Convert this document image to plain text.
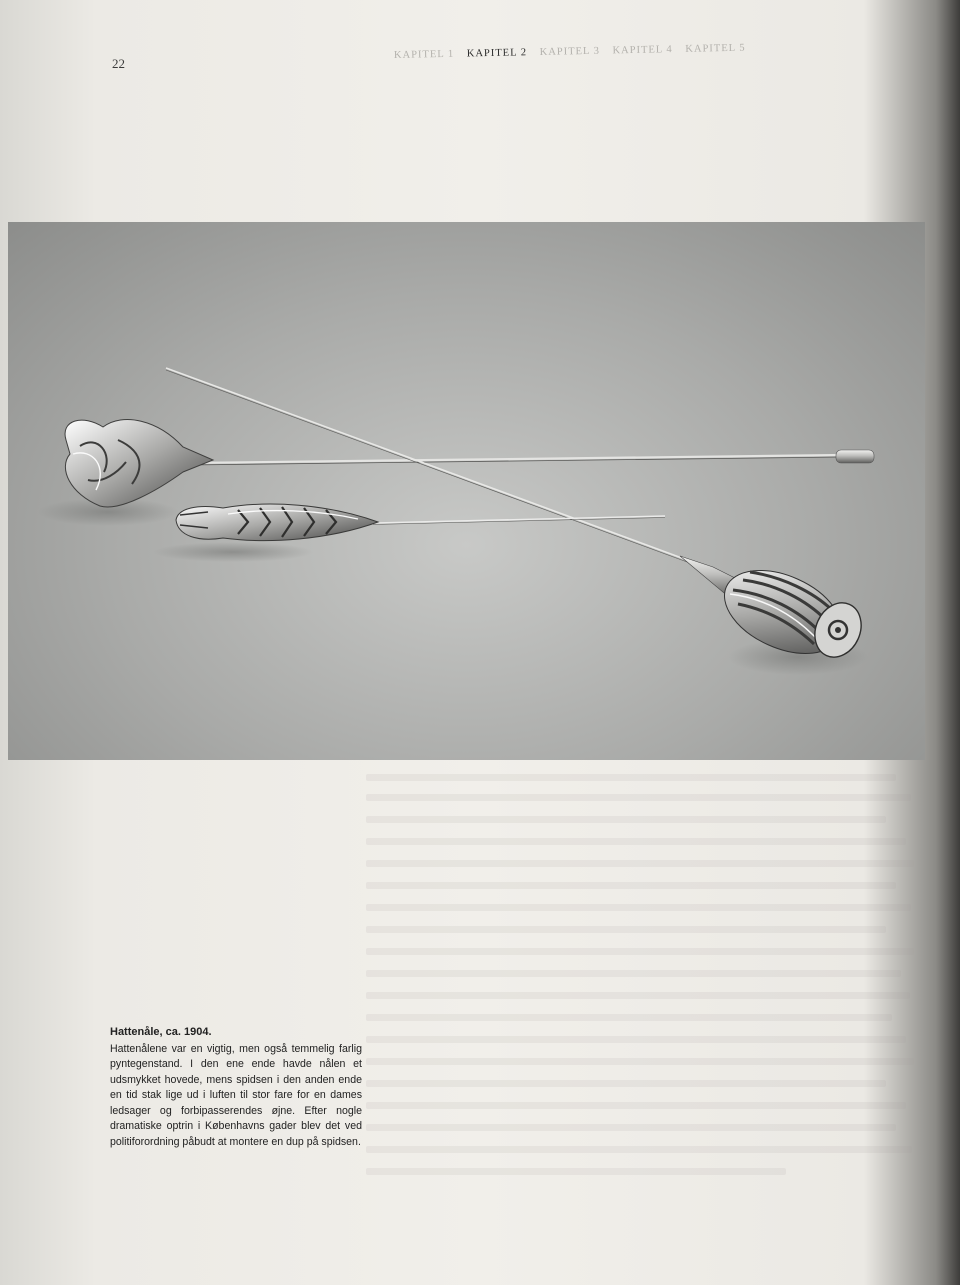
22
KAPITEL 1 KAPITEL 2 KAPITEL 3 KAPITEL 4 KAPITEL 5
Hattenåle, ca. 1904.
Hattenålene var en vigtig, men også temmelig farlig pyntegenstand. I den ene ende havde nålen et udsmykket hovede, mens spidsen i den anden ende en tid stak lige ud i luften til stor fare for en dames ledsager og forbipasserendes øjne. Efter nogle dramatiske optrin i Københavns gader blev det ved politiforordning påbudt at montere en dup på spidsen.
